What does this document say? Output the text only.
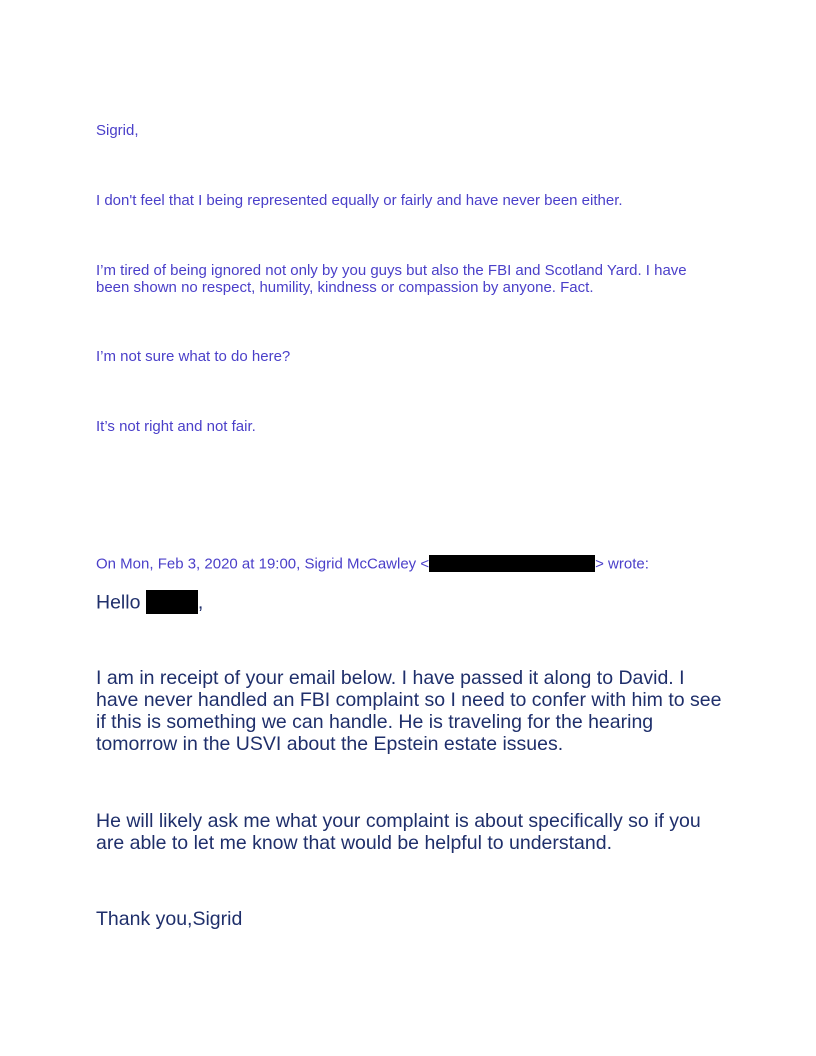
Sigrid,

I don't feel that I being represented equally or fairly and have never been either.

I’m tired of being ignored not only by you guys but also the FBI and Scotland Yard. I have been shown no respect, humility, kindness or compassion by anyone. Fact.

I’m not sure what to do here?

It’s not right and not fair.

On Mon, Feb 3, 2020 at 19:00, Sigrid McCawley <	> wrote:

Hello	,

I am in receipt of your email below. I have passed it along to David. I have never handled an FBI complaint so I need to confer with him to see if this is something we can handle. He is traveling for the hearing tomorrow in the USVI about the Epstein estate issues.

He will likely ask me what your complaint is about specifically so if you are able to let me know that would be helpful to understand.

Thank you,Sigrid
